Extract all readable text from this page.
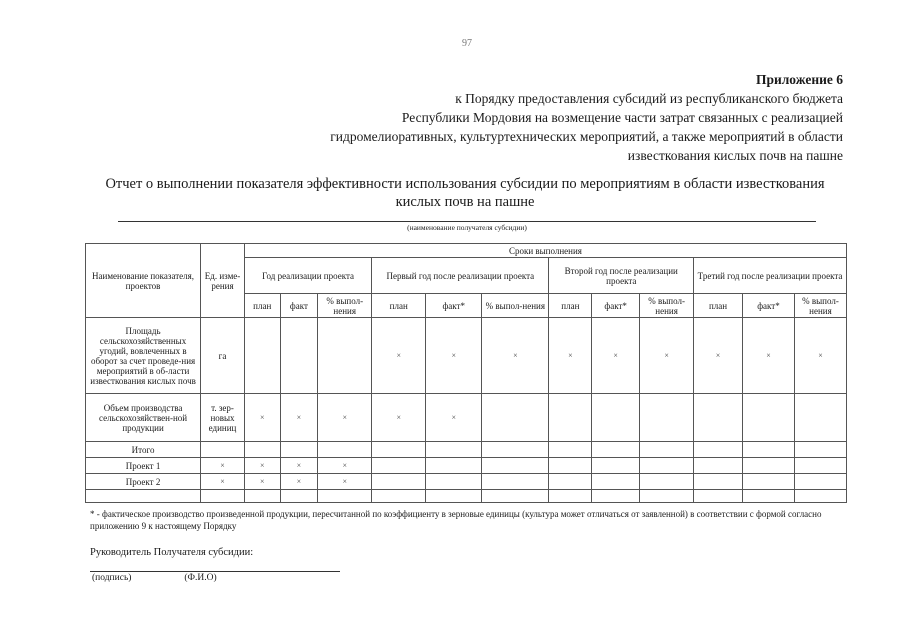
97
Приложение 6
к Порядку предоставления субсидий из республиканского бюджета
Республики Мордовия на возмещение части затрат связанных с реализацией
гидромелиоративных, культуртехнических мероприятий, а также мероприятий в области
известкования кислых почв на пашне
Отчет о выполнении показателя эффективности использования субсидии по мероприятиям в области известкования
кислых почв на пашне
(наименование получателя субсидии)
Наименование показателя, проектов	Ед. изме-рения	Сроки выполнения											
		Год реализации проекта			Первый год после реализации проекта			Второй год после реализации проекта			Третий год после реализации проекта		
		план	факт	% выпол-нения	план	факт*	% выпол-нения	план	факт*	% выпол-нения	план	факт*	% выпол-нения
Площадь сельскохозяйственных угодий, вовлеченных в оборот за счет проведе-ния мероприятий в об-ласти известкования кислых почв	га				×	×	×	×	×	×	×	×	×
Объем производства сельскохозяйствен-ной продукции	т. зер-новых единиц	×	×	×	×	×							
Итого													
Проект 1	×	×	×	×									
Проект 2	×	×	×	×									

* - фактическое производство произведенной продукции, пересчитанной по коэффициенту в зерновые единицы (культура может отличаться от заявленной) в соответствии с формой согласно приложению 9 к настоящему Порядку
Руководитель Получателя субсидии:
(подпись)	(Ф.И.О)
